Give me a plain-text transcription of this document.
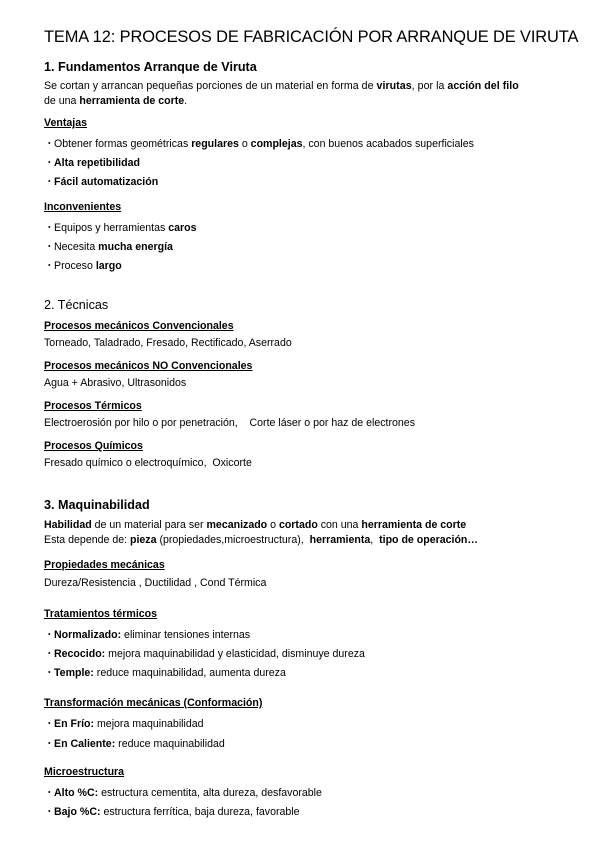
TEMA 12: PROCESOS DE FABRICACIÓN POR ARRANQUE DE VIRUTA
1. Fundamentos Arranque de Viruta
Se cortan y arrancan pequeñas porciones de un material en forma de virutas, por la acción del filo
de una herramienta de corte.
Ventajas
・Obtener formas geométricas regulares o complejas, con buenos acabados superficiales
・Alta repetibilidad
・Fácil automatización
Inconvenientes
・Equipos y herramientas caros
・Necesita mucha energía
・Proceso largo
2. Técnicas
Procesos mecánicos Convencionales
Torneado, Taladrado, Fresado, Rectificado, Aserrado
Procesos mecánicos NO Convencionales
Agua + Abrasivo, Ultrasonidos
Procesos Térmicos
Electroerosión por hilo o por penetración,    Corte láser o por haz de electrones
Procesos Químicos
Fresado químico o electroquímico,  Oxicorte
3. Maquinabilidad
Habilidad de un material para ser mecanizado o cortado con una herramienta de corte
Esta depende de: pieza (propiedades,microestructura),  herramienta,  tipo de operación…
Propiedades mecánicas
Dureza/Resistencia , Ductilidad , Cond Térmica
Tratamientos térmicos
・Normalizado: eliminar tensiones internas
・Recocido: mejora maquinabilidad y elasticidad, disminuye dureza
・Temple: reduce maquinabilidad, aumenta dureza
Transformación mecánicas (Conformación)
・En Frío: mejora maquinabilidad
・En Caliente: reduce maquinabilidad
Microestructura
・Alto %C: estructura cementita, alta dureza, desfavorable
・Bajo %C: estructura ferrítica, baja dureza, favorable
